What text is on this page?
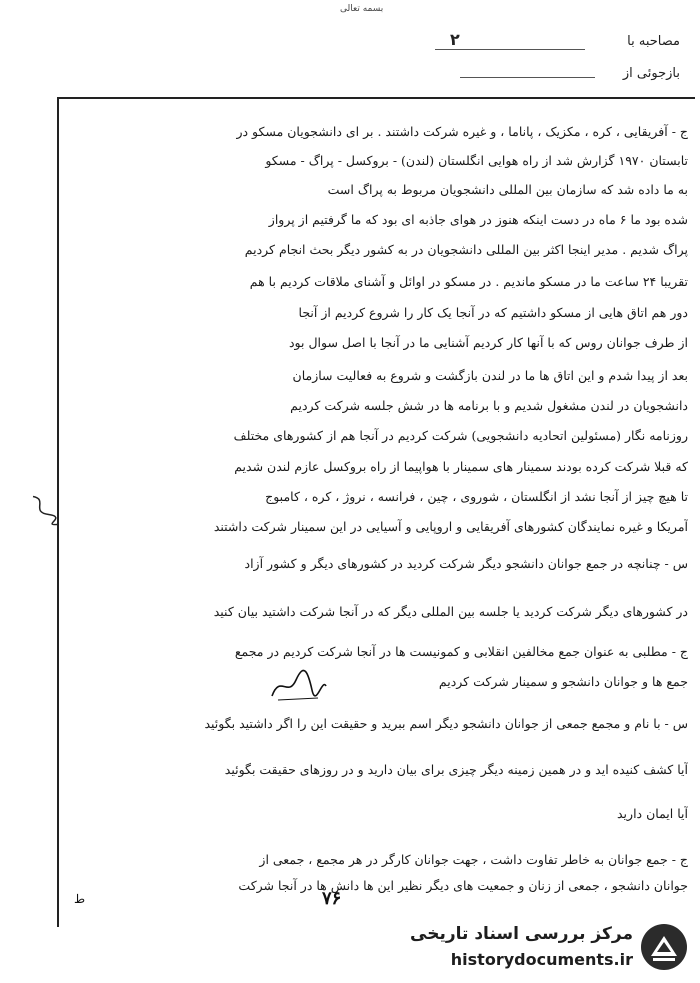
بسمه تعالی
۲	مصاحبه با
بازجوئی از
ج - آفریقایی ، کره ، مکزیک ، پاناما ، و غیره شرکت داشتند . بر ای دانشجویان مسکو در
تابستان ۱۹۷۰ گزارش شد از راه هوایی انگلستان (لندن) - بروکسل - پراگ - مسکو
به ما داده شد که سازمان بین المللی دانشجویان مربوط به پراگ است
شده بود ما ۶ ماه در دست اینکه هنوز در هوای جاذبه ای بود که ما گرفتیم از پرواز
پراگ شدیم . مدیر اینجا اکثر بین المللی دانشجویان در به کشور دیگر بحث انجام کردیم
تقریبا ۲۴ ساعت ما در مسکو ماندیم . در مسکو در اوائل و آشنای ملاقات کردیم با هم
دور هم اتاق هایی از مسکو داشتیم که در آنجا یک کار را شروع کردیم از آنجا
از طرف جوانان روس که با آنها کار کردیم آشنایی ما در آنجا با اصل سوال بود
بعد از پیدا شدم و این اتاق ها ما در لندن بازگشت و شروع به فعالیت سازمان
دانشجویان در لندن مشغول شدیم و با برنامه ها در شش جلسه شرکت کردیم
روزنامه نگار (مسئولین اتحادیه دانشجویی) شرکت کردیم در آنجا هم از کشورهای مختلف
که قبلا شرکت کرده بودند سمینار های سمینار با هواپیما از راه بروکسل عازم لندن شدیم
تا هیچ چیز از آنجا نشد از انگلستان ، شوروی ، چین ، فرانسه ، نروژ ، کره ، کامبوج
آمریکا و غیره نمایندگان کشورهای آفریقایی و اروپایی و آسیایی در این سمینار شرکت داشتند
س - چنانچه در جمع جوانان دانشجو دیگر شرکت کردید در کشورهای دیگر و کشور آزاد
در کشورهای دیگر شرکت کردید یا جلسه بین المللی دیگر که در آنجا شرکت داشتید بیان کنید
ج - مطلبی به عنوان جمع مخالفین انقلابی و کمونیست ها در آنجا شرکت کردیم در مجمع
جمع ها و جوانان دانشجو و سمینار شرکت کردیم
س - با نام و مجمع جمعی از جوانان دانشجو دیگر اسم ببرید و حقیقت این را اگر داشتید بگوئید
آیا کشف کنیده اید و در همین زمینه دیگر چیزی برای بیان دارید و در روزهای حقیقت بگوئید
آیا ایمان دارید
ج - جمع جوانان به خاطر تفاوت داشت ، جهت جوانان کارگر در هر مجمع ، جمعی از
جوانان دانشجو ، جمعی از زنان و جمعیت های دیگر نظیر این ها دانش ها در آنجا شرکت
۷۶
ط
مرکز بررسی اسناد تاریخی
historydocuments.ir
